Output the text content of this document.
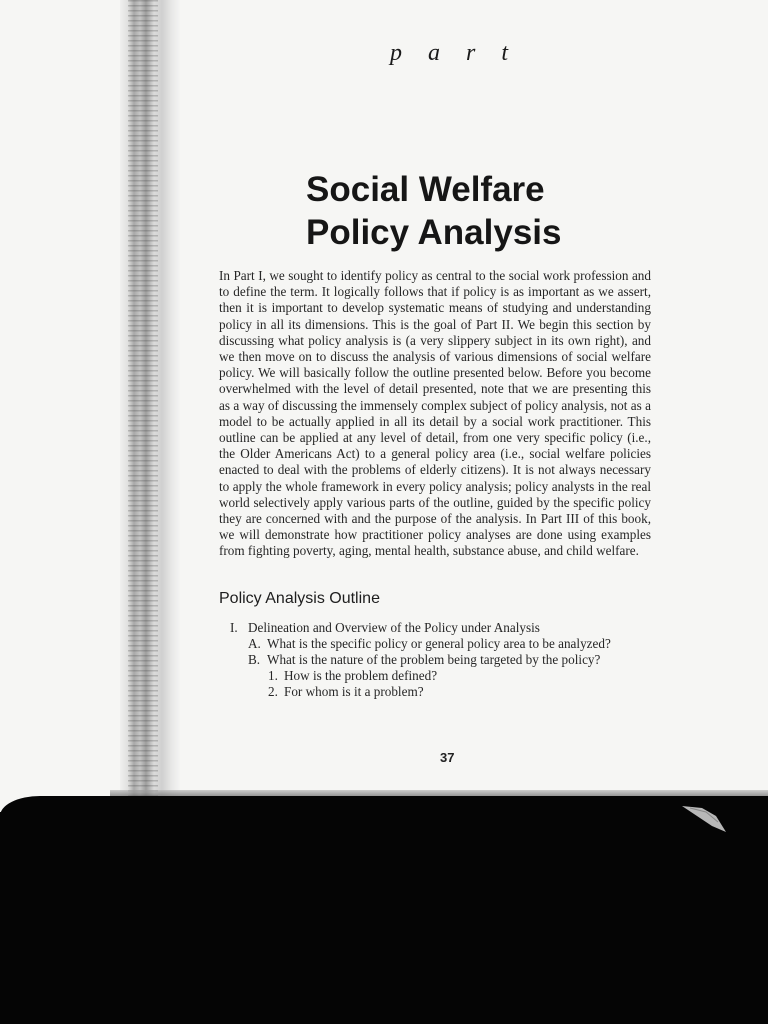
p a r t
Social Welfare
Policy Analysis

In Part I, we sought to identify policy as central to the social work profession and to define the term. It logically follows that if policy is as important as we assert, then it is important to develop systematic means of studying and understanding policy in all its dimensions. This is the goal of Part II. We begin this section by discussing what policy analysis is (a very slippery subject in its own right), and we then move on to discuss the analysis of various dimensions of social welfare policy. We will basically follow the outline presented below. Before you become overwhelmed with the level of detail presented, note that we are presenting this as a way of discussing the immensely complex subject of policy analysis, not as a model to be actually applied in all its detail by a social work practitioner. This outline can be applied at any level of detail, from one very specific policy (i.e., the Older Americans Act) to a general policy area (i.e., social welfare policies enacted to deal with the problems of elderly citizens). It is not always necessary to apply the whole framework in every policy analysis; policy analysts in the real world selectively apply various parts of the outline, guided by the specific policy they are concerned with and the purpose of the analysis. In Part III of this book, we will demonstrate how practitioner policy analyses are done using examples from fighting poverty, aging, mental health, substance abuse, and child welfare.

Policy Analysis Outline
I. Delineation and Overview of the Policy under Analysis
A. What is the specific policy or general policy area to be analyzed?
B. What is the nature of the problem being targeted by the policy?
1. How is the problem defined?
2. For whom is it a problem?
37
